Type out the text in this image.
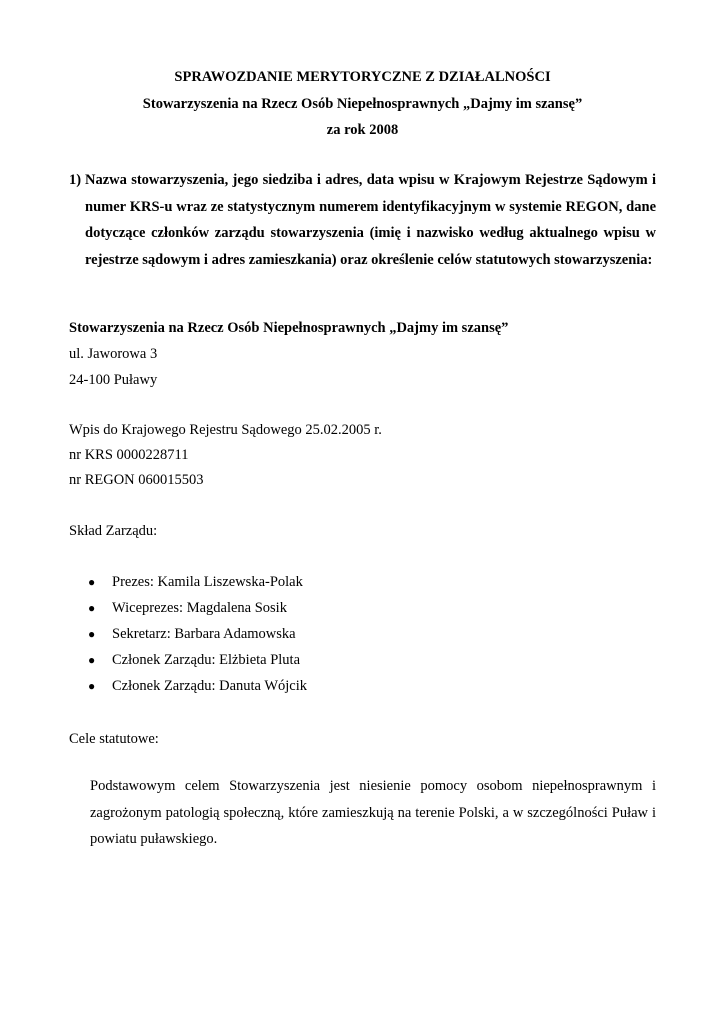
SPRAWOZDANIE MERYTORYCZNE Z DZIAŁALNOŚCI
Stowarzyszenia na Rzecz Osób Niepełnosprawnych „Dajmy im szansę”
za rok 2008
1) Nazwa stowarzyszenia, jego siedziba i adres, data wpisu w Krajowym Rejestrze Sądowym i numer KRS-u wraz ze statystycznym numerem identyfikacyjnym w systemie REGON, dane dotyczące członków zarządu stowarzyszenia (imię i nazwisko według aktualnego wpisu w rejestrze sądowym i adres zamieszkania) oraz określenie celów statutowych stowarzyszenia:
Stowarzyszenia na Rzecz Osób Niepełnosprawnych „Dajmy im szansę”
ul. Jaworowa 3
24-100 Puławy
Wpis do Krajowego Rejestru Sądowego 25.02.2005 r.
nr KRS 0000228711
nr REGON 060015503
Skład Zarządu:
● Prezes: Kamila Liszewska-Polak
● Wiceprezes: Magdalena Sosik
● Sekretarz: Barbara Adamowska
● Członek Zarządu: Elżbieta Pluta
● Członek Zarządu: Danuta Wójcik
Cele statutowe:
Podstawowym celem Stowarzyszenia jest niesienie pomocy osobom niepełnosprawnym i zagrożonym patologią społeczną, które zamieszkują na terenie Polski, a w szczególności Puław i powiatu puławskiego.
